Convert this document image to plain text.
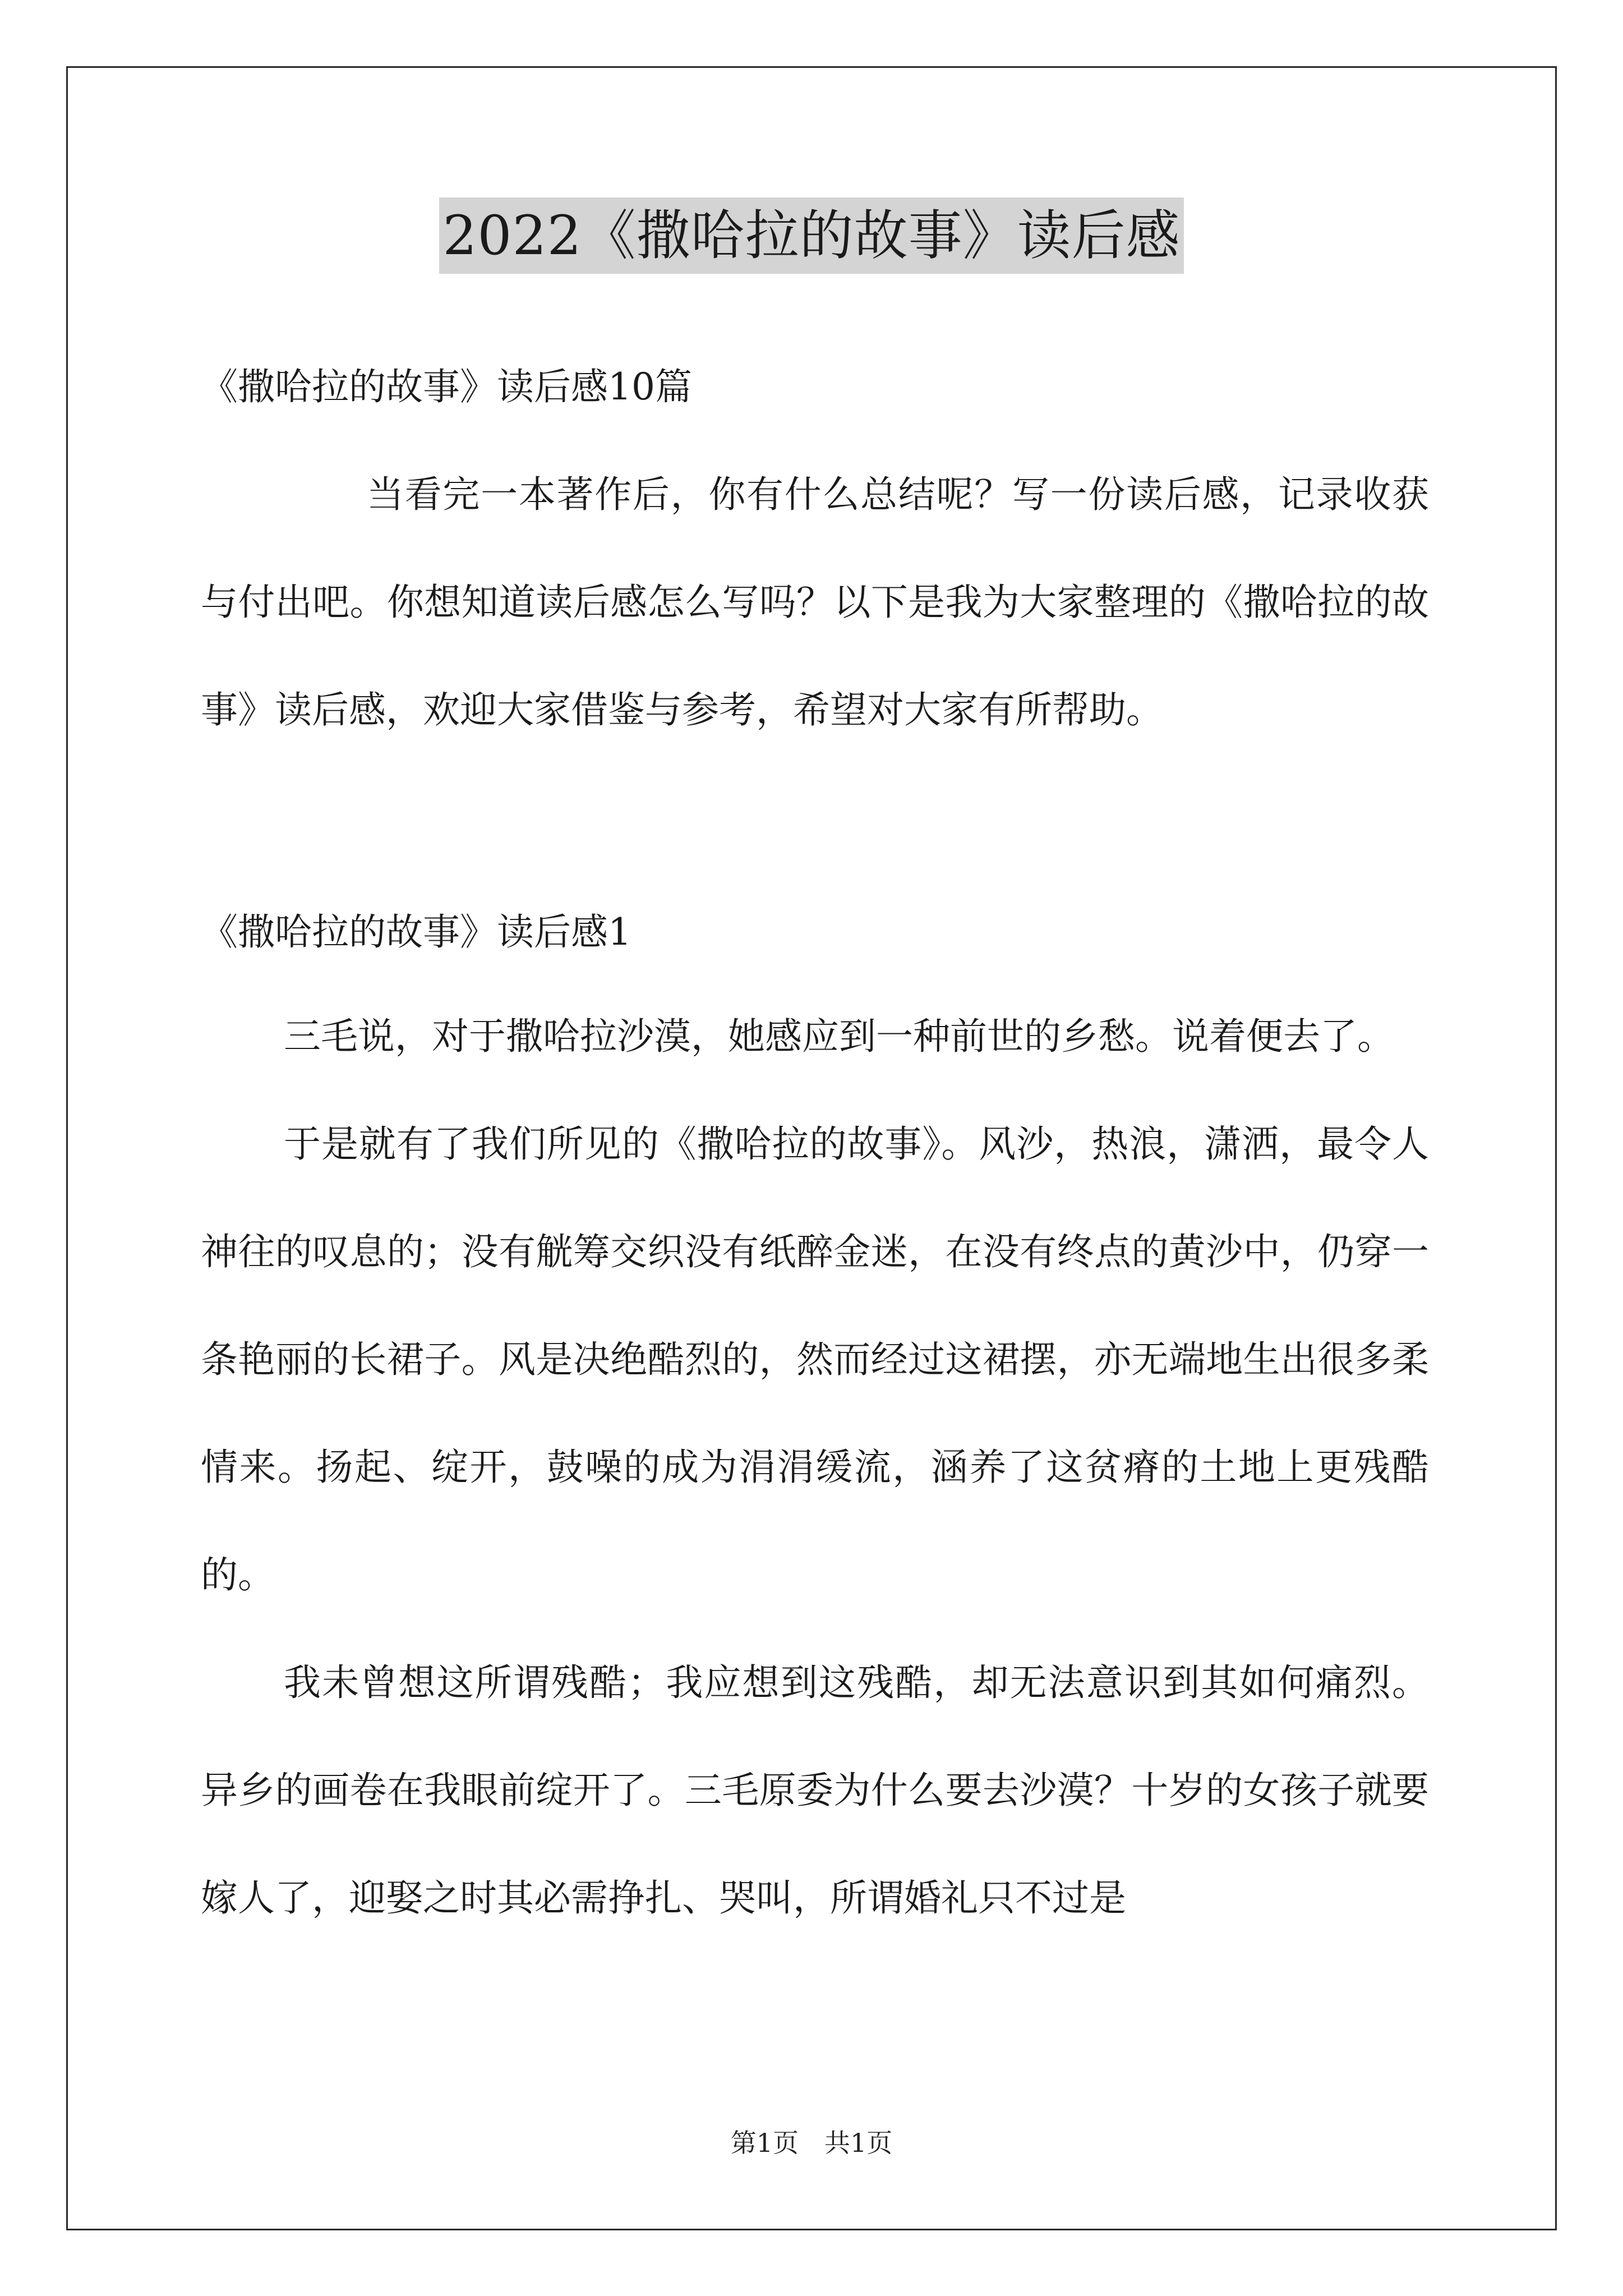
2022《撒哈拉的故事》读后感

《撒哈拉的故事》读后感10篇

当看完一本著作后，你有什么总结呢？写一份读后感，记录收获与付出吧。你想知道读后感怎么写吗？以下是我为大家整理的《撒哈拉的故事》读后感，欢迎大家借鉴与参考，希望对大家有所帮助。

《撒哈拉的故事》读后感1

三毛说，对于撒哈拉沙漠，她感应到一种前世的乡愁。说着便去了。

于是就有了我们所见的《撒哈拉的故事》。风沙，热浪，潇洒，最令人神往的叹息的；没有觥筹交织没有纸醉金迷，在没有终点的黄沙中，仍穿一条艳丽的长裙子。风是决绝酷烈的，然而经过这裙摆，亦无端地生出很多柔情来。扬起、绽开，鼓噪的成为涓涓缓流，涵养了这贫瘠的土地上更残酷的。

我未曾想这所谓残酷；我应想到这残酷，却无法意识到其如何痛烈。异乡的画卷在我眼前绽开了。三毛原委为什么要去沙漠？十岁的女孩子就要嫁人了，迎娶之时其必需挣扎、哭叫，所谓婚礼只不过是

第1页　共1页
